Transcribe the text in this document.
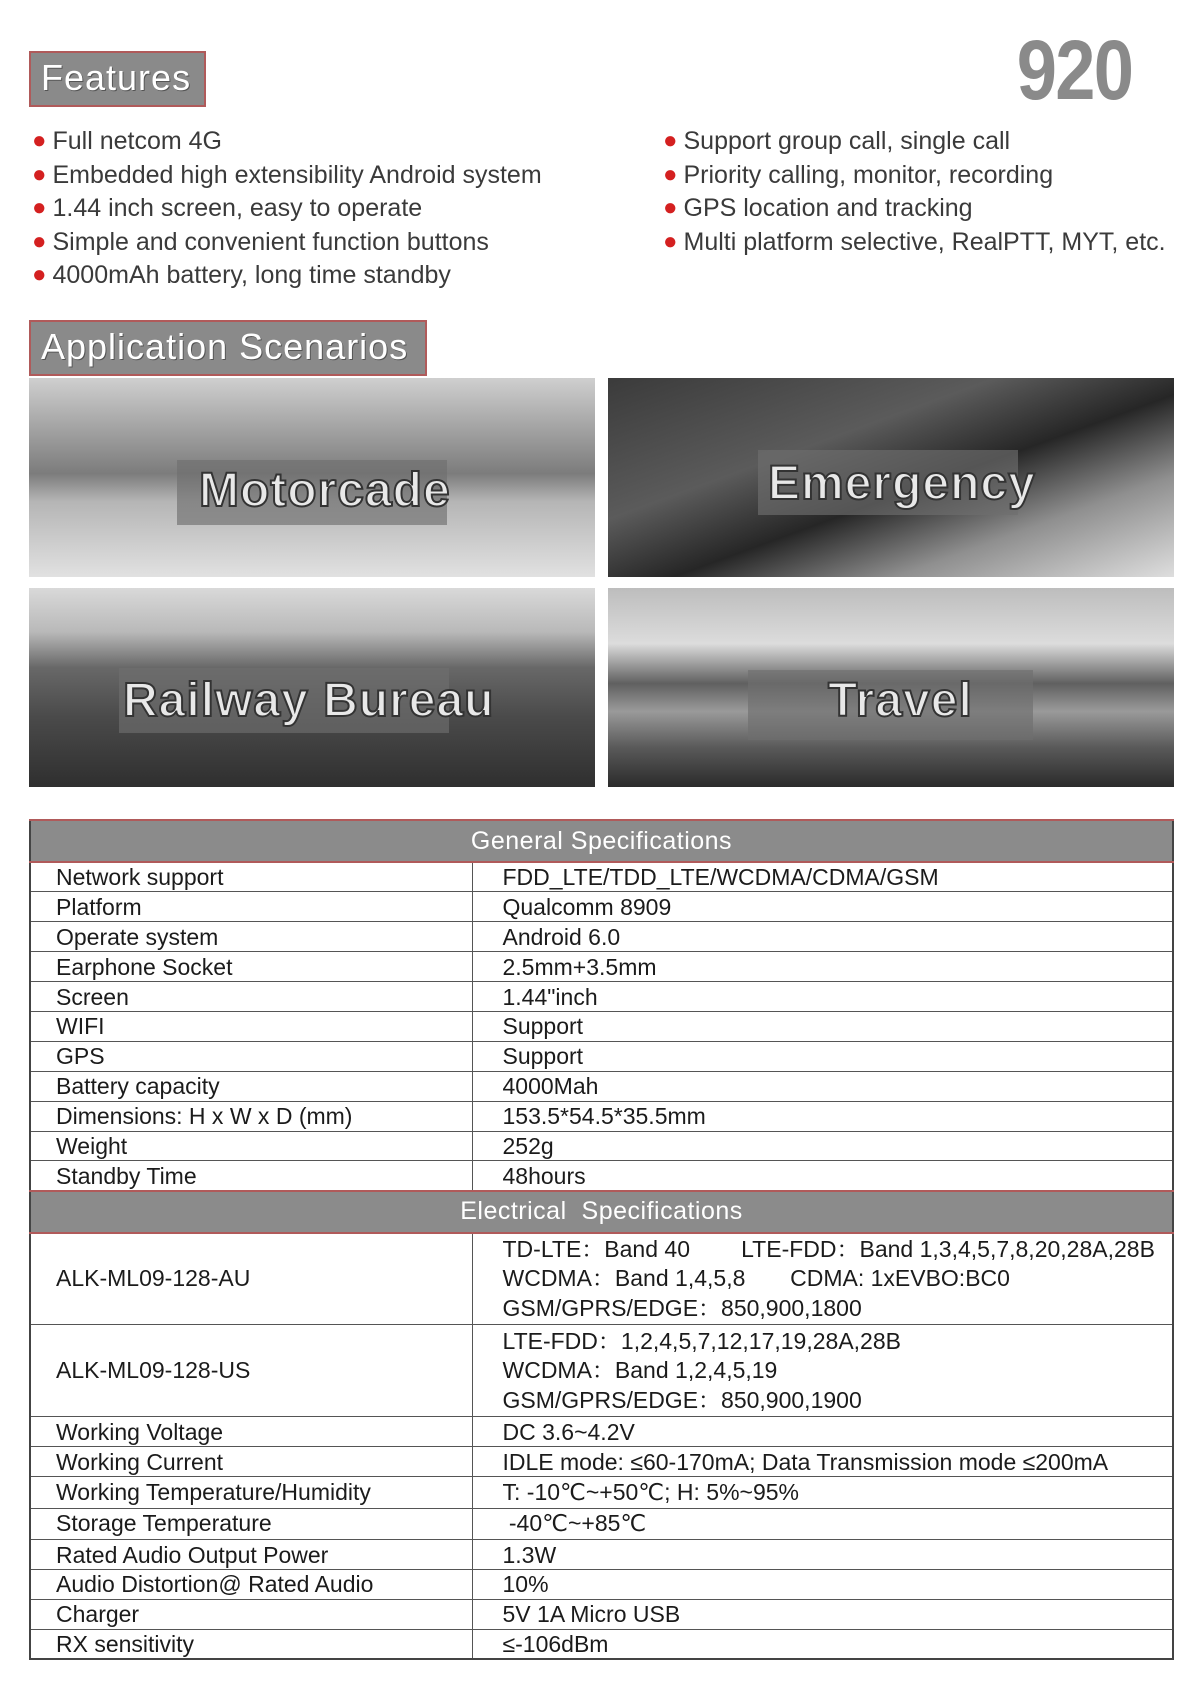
Features	920
● Full netcom 4G
● Embedded high extensibility Android system
● 1.44 inch screen, easy to operate
● Simple and convenient function buttons
● 4000mAh battery, long time standby
● Support group call, single call
● Priority calling, monitor, recording
● GPS location and tracking
● Multi platform selective, RealPTT, MYT, etc.
Application Scenarios
Motorcade	Emergency
Railway Bureau	Travel
General Specifications	
Network support	FDD_LTE/TDD_LTE/WCDMA/CDMA/GSM
Platform	Qualcomm 8909
Operate system	Android 6.0
Earphone Socket	2.5mm+3.5mm
Screen	1.44"inch
WIFI	Support
GPS	Support
Battery capacity	4000Mah
Dimensions: H x W x D (mm)	153.5*54.5*35.5mm
Weight	252g
Standby Time	48hours
Electrical  Specifications	
ALK-ML09-128-AU	TD-LTE：Band 40        LTE-FDD：Band 1,3,4,5,7,8,20,28A,28B
WCDMA：Band 1,4,5,8       CDMA: 1xEVBO:BC0
GSM/GPRS/EDGE：850,900,1800

ALK-ML09-128-US	LTE-FDD：1,2,4,5,7,12,17,19,28A,28B
WCDMA：Band 1,2,4,5,19
GSM/GPRS/EDGE：850,900,1900

Working Voltage	DC 3.6~4.2V
Working Current	IDLE mode: ≤60-170mA; Data Transmission mode ≤200mA
Working Temperature/Humidity	T: -10℃~+50℃; H: 5%~95%
Storage Temperature	-40℃~+85℃
Rated Audio Output Power	1.3W
Audio Distortion@ Rated Audio	10%
Charger	5V 1A Micro USB
RX sensitivity	≤-106dBm
